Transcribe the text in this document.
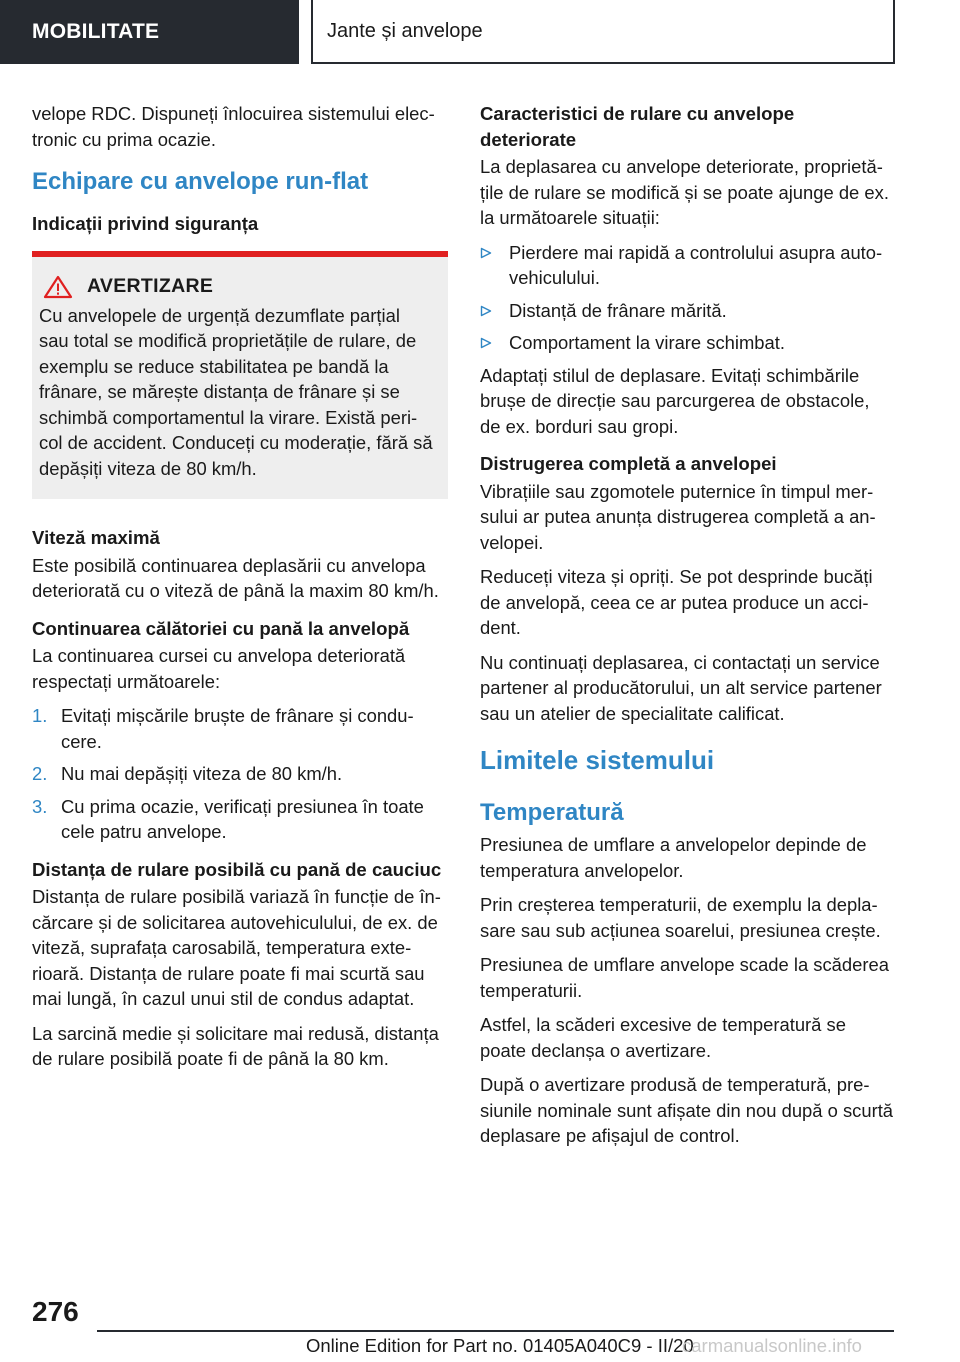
MOBILITATE	Jante și anvelope

velope RDC. Dispuneți înlocuirea sistemului electronic cu prima ocazie.

Echipare cu anvelope run-flat
Indicații privind siguranța
AVERTIZARE

Cu anvelopele de urgență dezumflate parțial sau total se modifică proprietățile de rulare, de exemplu se reduce stabilitatea pe bandă la frânare, se mărește distanța de frânare și se schimbă comportamentul la virare. Există pericol de accident. Conduceți cu moderație, fără să depășiți viteza de 80 km/h.

Viteză maximă

Este posibilă continuarea deplasării cu anvelopa deteriorată cu o viteză de până la maxim 80 km/h.

Continuarea călătoriei cu pană la anvelopă

La continuarea cursei cu anvelopa deteriorată respectați următoarele:

1. Evitați mișcările bruște de frânare și conducere.
2. Nu mai depășiți viteza de 80 km/h.
3. Cu prima ocazie, verificați presiunea în toate cele patru anvelope.
Distanța de rulare posibilă cu pană de cauciuc

Distanța de rulare posibilă variază în funcție de încărcare și de solicitarea autovehiculului, de ex. de viteză, suprafața carosabilă, temperatura exterioară. Distanța de rulare poate fi mai scurtă sau mai lungă, în cazul unui stil de condus adaptat.

La sarcină medie și solicitare mai redusă, distanța de rulare posibilă poate fi de până la 80 km.

Caracteristici de rulare cu anvelope deteriorate

La deplasarea cu anvelope deteriorate, proprietățile de rulare se modifică și se poate ajunge de ex. la următoarele situații:

Pierdere mai rapidă a controlului asupra autovehiculului.
Distanță de frânare mărită.
Comportament la virare schimbat.

Adaptați stilul de deplasare. Evitați schimbările brușe de direcție sau parcurgerea de obstacole, de ex. borduri sau gropi.

Distrugerea completă a anvelopei

Vibrațiile sau zgomotele puternice în timpul mersului ar putea anunța distrugerea completă a anvelopei.

Reduceți viteza și opriți. Se pot desprinde bucăți de anvelopă, ceea ce ar putea produce un accident.

Nu continuați deplasarea, ci contactați un service partener al producătorului, un alt service partener sau un atelier de specialitate calificat.

Limitele sistemului
Temperatură

Presiunea de umflare a anvelopelor depinde de temperatura anvelopelor.

Prin creșterea temperaturii, de exemplu la deplasare sau sub acțiunea soarelui, presiunea crește.

Presiunea de umflare anvelope scade la scăderea temperaturii.

Astfel, la scăderi excesive de temperatură se poate declanșa o avertizare.

După o avertizare produsă de temperatură, presiunile nominale sunt afișate din nou după o scurtă deplasare pe afișajul de control.

276
Online Edition for Part no. 01405A040C9 - II/20
carmanualsonline.info
